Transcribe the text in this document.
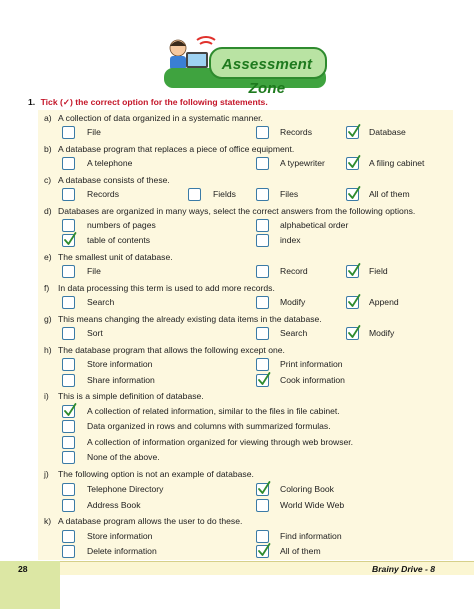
Assessment Zone
1. Tick (✓) the correct option for the following statements.
a) A collection of data organized in a systematic manner.
b) A database program that replaces a piece of office equipment.
c) A database consists of these.
d) Databases are organized in many ways, select the correct answers from the following options.
e) The smallest unit of database.
f) In data processing this term is used to add more records.
g) This means changing the already existing data items in the database.
h) The database program that allows the following except one.
i) This is a simple definition of database.
j) The following option is not an example of database.
k) A database program allows the user to do these.
File	Records	Database
A telephone	A typewriter	A filing cabinet
Records	Fields	Files	All of them
numbers of pages	alphabetical order
table of contents	index
File	Record	Field
Search	Modify	Append
Sort	Search	Modify
Store information	Print information
Share information	Cook information
A collection of related information, similar to the files in file cabinet.
Data organized in rows and columns with summarized formulas.
A collection of information organized for viewing through web browser.
None of the above.
Telephone Directory	Coloring Book
Address Book	World Wide Web
Store information	Find information
Delete information	All of them
28	Brainy Drive - 8
